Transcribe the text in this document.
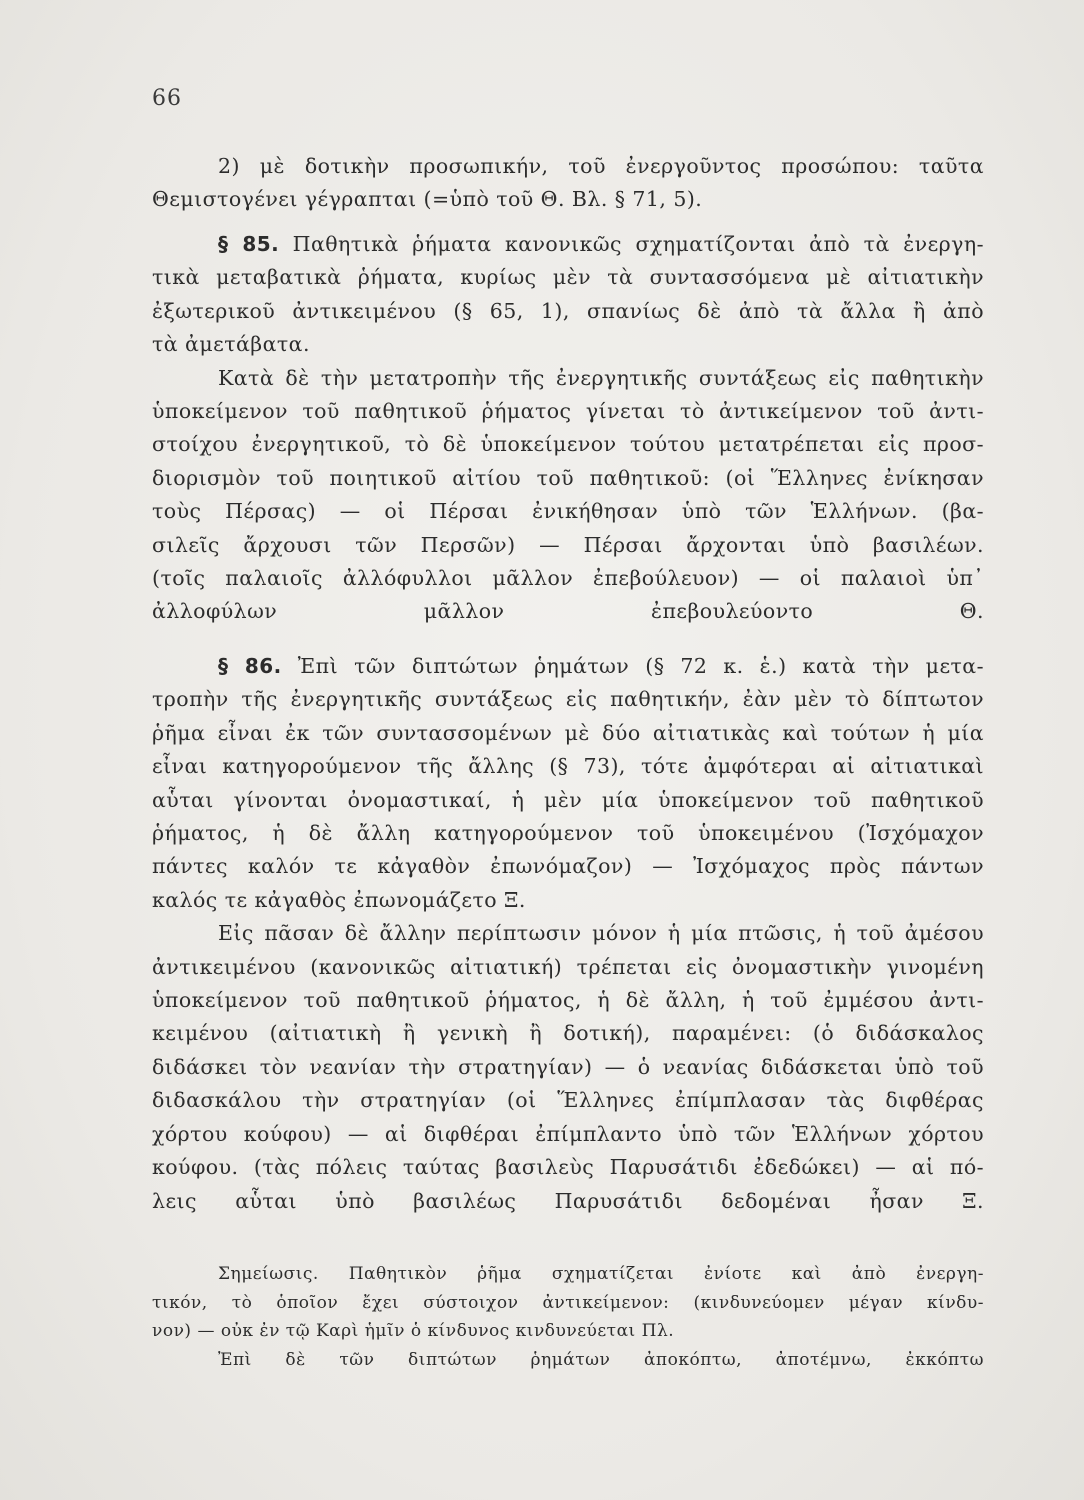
66
2) μὲ δοτικὴν προσωπικήν, τοῦ ἐνεργοῦντος προσώπου: ταῦτα
Θεμιστογένει γέγραπται (=ὑπὸ τοῦ Θ. Βλ. § 71, 5).
§ 85. Παθητικὰ ῥήματα κανονικῶς σχηματίζονται ἀπὸ τὰ ἐνεργη-
τικὰ μεταβατικὰ ῥήματα, κυρίως μὲν τὰ συντασσόμενα μὲ αἰτιατικὴν
ἐξωτερικοῦ ἀντικειμένου (§ 65, 1), σπανίως δὲ ἀπὸ τὰ ἄλλα ἢ ἀπὸ
τὰ ἀμετάβατα.
Κατὰ δὲ τὴν μετατροπὴν τῆς ἐνεργητικῆς συντάξεως εἰς παθητικὴν
ὑποκείμενον τοῦ παθητικοῦ ῥήματος γίνεται τὸ ἀντικείμενον τοῦ ἀντι-
στοίχου ἐνεργητικοῦ, τὸ δὲ ὑποκείμενον τούτου μετατρέπεται εἰς προσ-
διορισμὸν τοῦ ποιητικοῦ αἰτίου τοῦ παθητικοῦ: (οἱ Ἕλληνες ἐνίκησαν
τοὺς Πέρσας) — οἱ Πέρσαι ἐνικήθησαν ὑπὸ τῶν Ἑλλήνων. (βα-
σιλεῖς ἄρχουσι τῶν Περσῶν) — Πέρσαι ἄρχονται ὑπὸ βασιλέων.
(τοῖς παλαιοῖς ἀλλόφυλλοι μᾶλλον ἐπεβούλευον) — οἱ παλαιοὶ ὑπ᾿
ἀλλοφύλων μᾶλλον ἐπεβουλεύοντο Θ.
§ 86. Ἐπὶ τῶν διπτώτων ῥημάτων (§ 72 κ. ἑ.) κατὰ τὴν μετα-
τροπὴν τῆς ἐνεργητικῆς συντάξεως εἰς παθητικήν, ἐὰν μὲν τὸ δίπτωτον
ῥῆμα εἶναι ἐκ τῶν συντασσομένων μὲ δύο αἰτιατικὰς καὶ τούτων ἡ μία
εἶναι κατηγορούμενον τῆς ἄλλης (§ 73), τότε ἀμφότεραι αἱ αἰτιατικαὶ
αὗται γίνονται ὀνομαστικαί, ἡ μὲν μία ὑποκείμενον τοῦ παθητικοῦ
ῥήματος, ἡ δὲ ἄλλη κατηγορούμενον τοῦ ὑποκειμένου (Ἰσχόμαχον
πάντες καλόν τε κἀγαθὸν ἐπωνόμαζον) — Ἰσχόμαχος πρὸς πάντων
καλός τε κἀγαθὸς ἐπωνομάζετο Ξ.
Εἰς πᾶσαν δὲ ἄλλην περίπτωσιν μόνον ἡ μία πτῶσις, ἡ τοῦ ἀμέσου
ἀντικειμένου (κανονικῶς αἰτιατική) τρέπεται εἰς ὀνομαστικὴν γινομένη
ὑποκείμενον τοῦ παθητικοῦ ῥήματος, ἡ δὲ ἄλλη, ἡ τοῦ ἐμμέσου ἀντι-
κειμένου (αἰτιατικὴ ἢ γενικὴ ἢ δοτική), παραμένει: (ὁ διδάσκαλος
διδάσκει τὸν νεανίαν τὴν στρατηγίαν) — ὁ νεανίας διδάσκεται ὑπὸ τοῦ
διδασκάλου τὴν στρατηγίαν (οἱ Ἕλληνες ἐπίμπλασαν τὰς διφθέρας
χόρτου κούφου) — αἱ διφθέραι ἐπίμπλαντο ὑπὸ τῶν Ἑλλήνων χόρτου
κούφου. (τὰς πόλεις ταύτας βασιλεὺς Παρυσάτιδι ἐδεδώκει) — αἱ πό-
λεις αὗται ὑπὸ βασιλέως Παρυσάτιδι δεδομέναι ἦσαν Ξ.
Σημείωσις. Παθητικὸν ῥῆμα σχηματίζεται ἐνίοτε καὶ ἀπὸ ἐνεργη-
τικόν, τὸ ὁποῖον ἔχει σύστοιχον ἀντικείμενον: (κινδυνεύομεν μέγαν κίνδυ-
νον) — οὐκ ἐν τῷ Καρὶ ἡμῖν ὁ κίνδυνος κινδυνεύεται Πλ.
Ἐπὶ δὲ τῶν διπτώτων ῥημάτων ἀποκόπτω, ἀποτέμνω, ἐκκόπτω
